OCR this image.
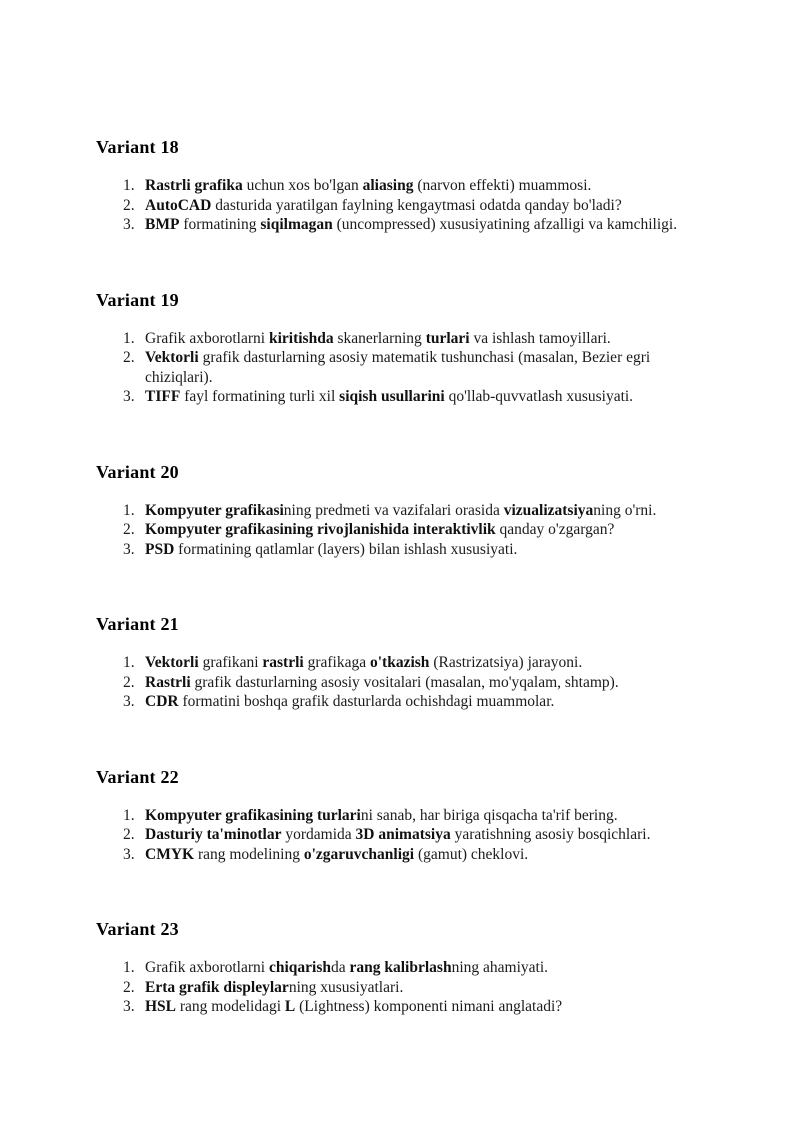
Variant 18
1. Rastrli grafika uchun xos bo'lgan aliasing (narvon effekti) muammosi.
2. AutoCAD dasturida yaratilgan faylning kengaytmasi odatda qanday bo'ladi?
3. BMP formatining siqilmagan (uncompressed) xususiyatining afzalligi va kamchiligi.
Variant 19
1. Grafik axborotlarni kiritishda skanerlarning turlari va ishlash tamoyillari.
2. Vektorli grafik dasturlarning asosiy matematik tushunchasi (masalan, Bezier egri chiziqlari).
3. TIFF fayl formatining turli xil siqish usullarini qo'llab-quvvatlash xususiyati.
Variant 20
1. Kompyuter grafikasining predmeti va vazifalari orasida vizualizatsiyaning o'rni.
2. Kompyuter grafikasining rivojlanishida interaktivlik qanday o'zgargan?
3. PSD formatining qatlamlar (layers) bilan ishlash xususiyati.
Variant 21
1. Vektorli grafikani rastrli grafikaga o'tkazish (Rastrizatsiya) jarayoni.
2. Rastrli grafik dasturlarning asosiy vositalari (masalan, mo'yqalam, shtamp).
3. CDR formatini boshqa grafik dasturlarda ochishdagi muammolar.
Variant 22
1. Kompyuter grafikasining turlarini sanab, har biriga qisqacha ta'rif bering.
2. Dasturiy ta'minotlar yordamida 3D animatsiya yaratishning asosiy bosqichlari.
3. CMYK rang modelining o'zgaruvchanligi (gamut) cheklovi.
Variant 23
1. Grafik axborotlarni chiqarishda rang kalibrlashning ahamiyati.
2. Erta grafik displeylarning xususiyatlari.
3. HSL rang modelidagi L (Lightness) komponenti nimani anglatadi?
